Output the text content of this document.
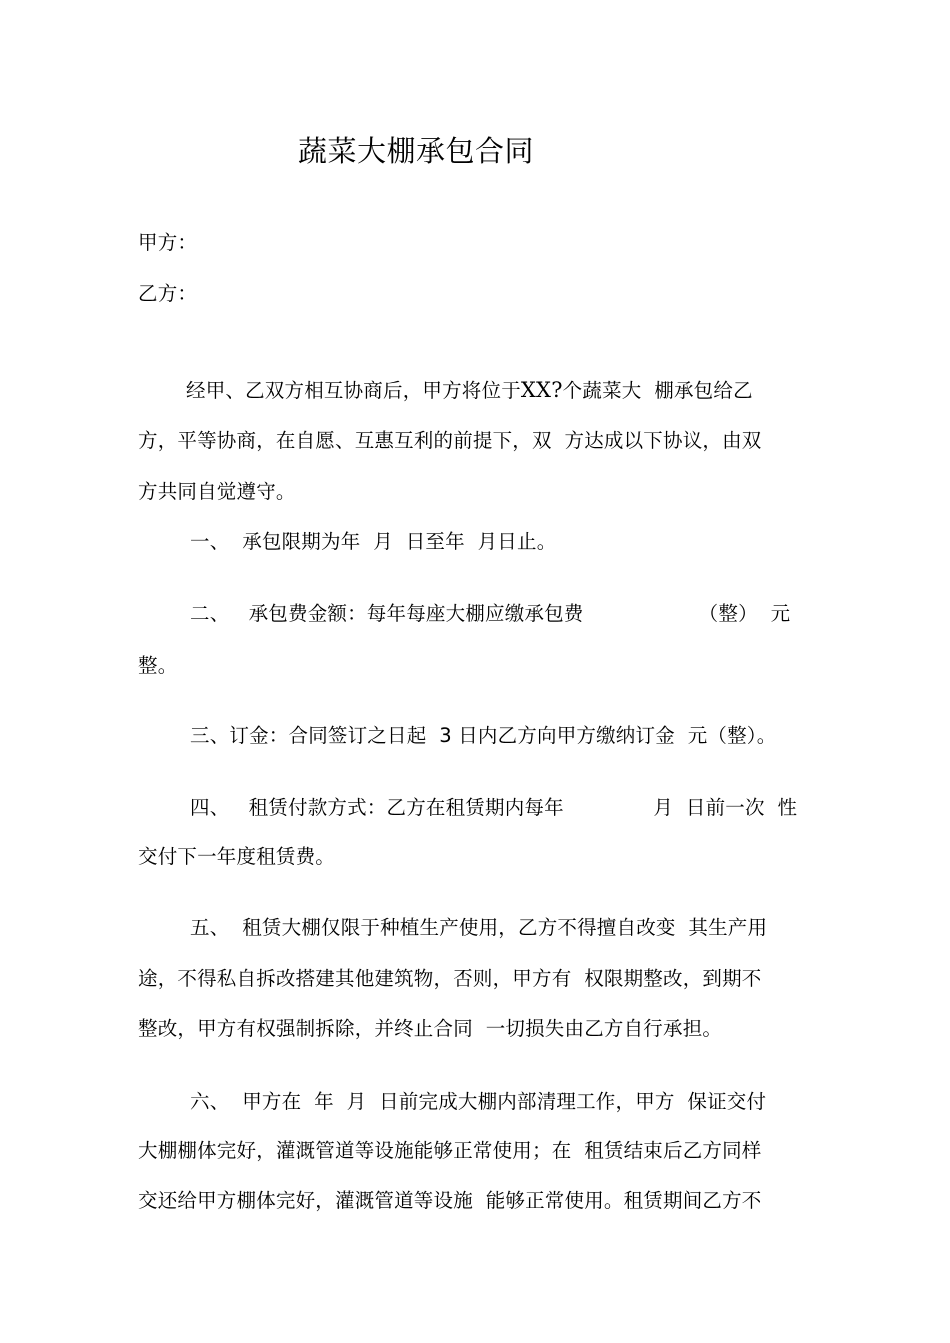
蔬菜大棚承包合同
甲方：
乙方：
经甲、乙双方相互协商后，甲方将位于XX?个蔬菜大  棚承包给乙
方，平等协商，在自愿、互惠互利的前提下，双  方达成以下协议，由双
方共同自觉遵守。
一、  承包限期为年  月  日至年  月日止。
二、   承包费金额：每年每座大棚应缴承包费                  （整）  元
整。
三、订金：合同签订之日起  3 日内乙方向甲方缴纳订金  元（整）。
四、   租赁付款方式：乙方在租赁期内每年              月  日前一次  性
交付下一年度租赁费。
五、  租赁大棚仅限于种植生产使用，乙方不得擅自改变  其生产用
途，不得私自拆改搭建其他建筑物，否则，甲方有  权限期整改，到期不
整改，甲方有权强制拆除，并终止合同  一切损失由乙方自行承担。
六、  甲方在  年  月  日前完成大棚内部清理工作，甲方  保证交付
大棚棚体完好，灌溉管道等设施能够正常使用；在  租赁结束后乙方同样
交还给甲方棚体完好，灌溉管道等设施  能够正常使用。租赁期间乙方不
